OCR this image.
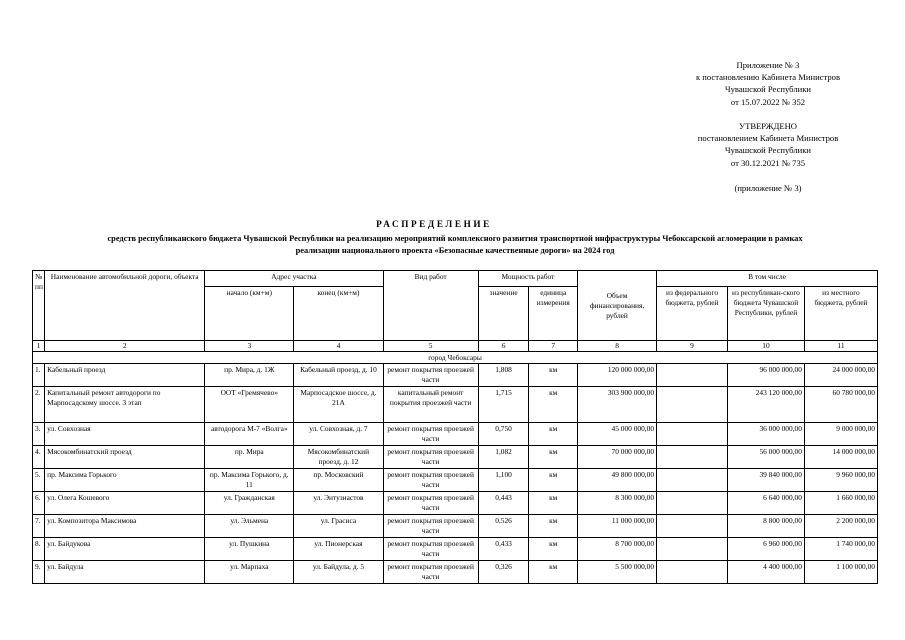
Приложение № 3
к постановлению Кабинета Министров
Чувашской Республики
от 15.07.2022 № 352
УТВЕРЖДЕНО
постановлением Кабинета Министров
Чувашской Республики
от 30.12.2021 № 735
(приложение № 3)
РАСПРЕДЕЛЕНИЕ
средств республиканского бюджета Чувашской Республики на реализацию мероприятий комплексного развития транспортной инфраструктуры Чебоксарской агломерации в рамках
реализации национального проекта «Безопасные качественные дороги» на 2024 год
№ пп	Наименование автомобильной дороги, объекта	Адрес участка		Вид работ	Мощность работ		Объем финансирования, рублей	В том числе		
		начало (км+м)	конец (км+м)		значение	единица измерения		из федерального бюджета, рублей	из республикан-ского бюджета Чувашской Республики, рублей	из местного бюджета, рублей
1	2	3	4	5	6	7	8	9	10	11
город Чебоксары										
1.	Кабельный проезд	пр. Мира, д. 1Ж	Кабельный проезд, д. 10	ремонт покрытия проезжей части	1,808	км	120 000 000,00		96 000 000,00	24 000 000,00
2.	Капитальный ремонт автодороги по Марпосадскому шоссе. 3 этап	ООТ «Гремячево»	Марпосадское шоссе, д. 21А	капитальный ремонт покрытия проезжей части	1,715	км	303 900 000,00		243 120 000,00	60 780 000,00
3.	ул. Совхозная	автодорога М-7 «Волга»	ул. Совхозная, д. 7	ремонт покрытия проезжей части	0,750	км	45 000 000,00		36 000 000,00	9 000 000,00
4.	Мясокомбинатский проезд	пр. Мира	Мясокомбинатский проезд, д. 12	ремонт покрытия проезжей части	1,082	км	70 000 000,00		56 000 000,00	14 000 000,00
5.	пр. Максима Горького	пр. Максима Горького, д. 11	пр. Московский	ремонт покрытия проезжей части	1,100	км	49 800 000,00		39 840 000,00	9 960 000,00
6.	ул. Олега Кошевого	ул. Гражданская	ул. Энтузиастов	ремонт покрытия проезжей части	0,443	км	8 300 000,00		6 640 000,00	1 660 000,00
7.	ул. Композитора Максимова	ул. Эльмена	ул. Грасиса	ремонт покрытия проезжей части	0,526	км	11 000 000,00		8 800 000,00	2 200 000,00
8.	ул. Байдукова	ул. Пушкина	ул. Пионерская	ремонт покрытия проезжей части	0,433	км	8 700 000,00		6 960 000,00	1 740 000,00
9.	ул. Байдула	ул. Марпаха	ул. Байдула, д. 5	ремонт покрытия проезжей части	0,326	км	5 500 000,00		4 400 000,00	1 100 000,00
